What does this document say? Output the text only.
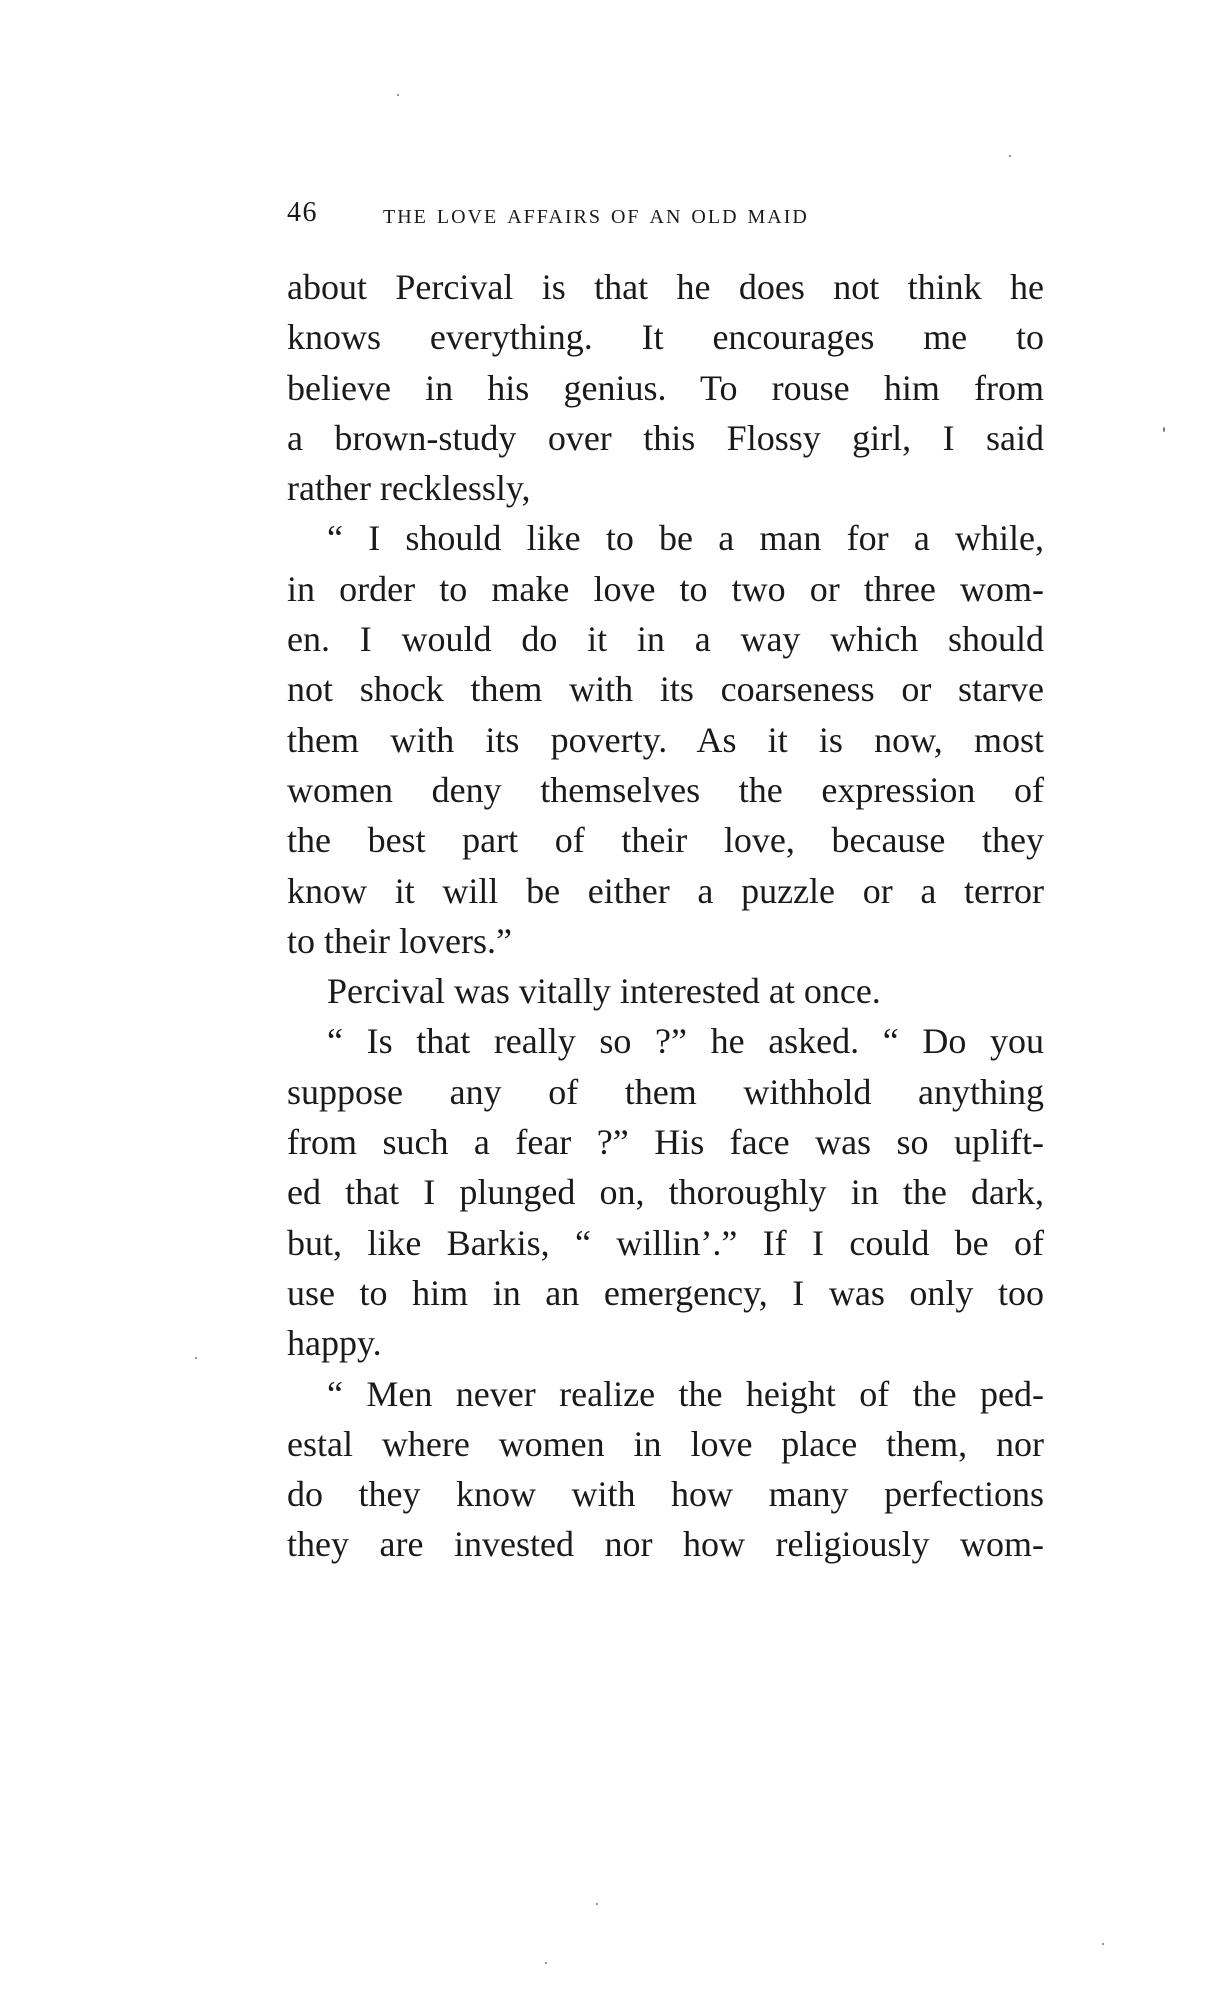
46 the love affairs of an old maid
about Percival is that he does not think he
knows everything. It encourages me to
believe in his genius. To rouse him from
a brown-study over this Flossy girl, I said
rather recklessly,
“ I should like to be a man for a while,
in order to make love to two or three wom-
en. I would do it in a way which should
not shock them with its coarseness or starve
them with its poverty. As it is now, most
women deny themselves the expression of
the best part of their love, because they
know it will be either a puzzle or a terror
to their lovers.”
Percival was vitally interested at once.
“ Is that really so ?” he asked. “ Do you
suppose any of them withhold anything
from such a fear ?” His face was so uplift-
ed that I plunged on, thoroughly in the dark,
but, like Barkis, “ willin’.” If I could be of
use to him in an emergency, I was only too
happy.
“ Men never realize the height of the ped-
estal where women in love place them, nor
do they know with how many perfections
they are invested nor how religiously wom-
